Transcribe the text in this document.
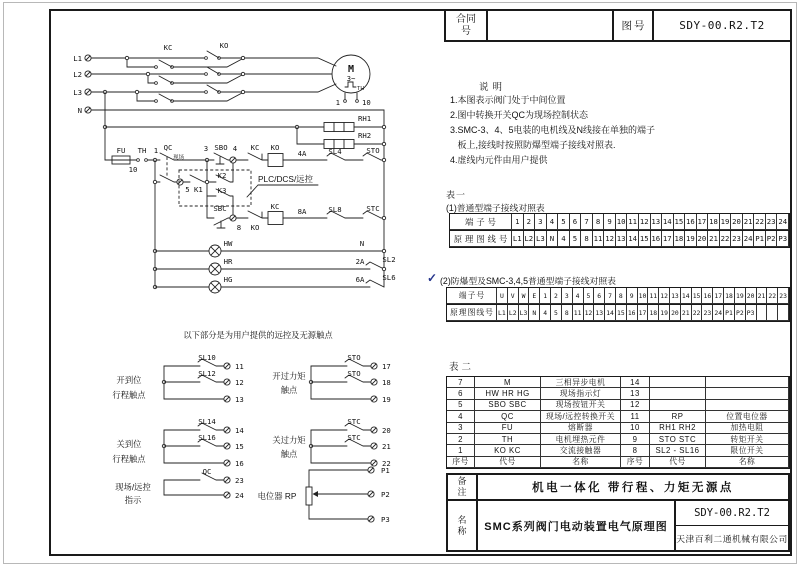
合同号	图号	SDY-00.R2.T2
说明
1.本图表示阀门处于中间位置
2.图中转换开关QC为现场控制状态
3.SMC-3、4、5电装的电机线及N线接在单独的端子
板上,接线时按照防爆型端子接线对照表.
4.虚线内元件由用户提供
表一
(1)普通型端子接线对照表
端子号	1 2 3 4 5 6 7 8 9 10 11 12 13 14 15 16 17 18 19 20 21 22 23 24
原理图线号 L1 L2 L3 N 4 5 8 11 12 13 14 15 16 17 18 19 20 21 22 23 24 P1 P2 P3
✓ (2)防爆型及SMC-3,4,5普通型端子接线对照表
端子号	U	V	W	E	1	2	3	4	5	6	7	8	9 10 11 12 13 14 15 16 17 18 19 20 21 22 23
原理图线号 L1 L2 L3 N	4	5	8 11 12 13 14 15 16 17 18 19 20 21 22 23 24 P1 P2 P3
表二
7	M	三相异步电机	14
6	HW HR HG	现场指示灯	13
5	SBO SBC	现场按钮开关	12
4	QC	现场/远控转换开关	11	RP	位置电位器
3	FU	熔断器	10	RH1 RH2	加热电阻
2	TH	电机埋热元件	9	STO STC	转矩开关
1	KO KC	交流接触器	8	SL2 - SL16	限位开关
序号	代号	名称	序号	代号	名称
备注	机电一体化 带行程、力矩无源点
名称	SMC系列阀门电动装置电气原理图
SDY-00.R2.T2
天津百利二通机械有限公司
L1
L2
L3
N
KC	KO
M
3~
TH
1	10
RH1
RH2
FU TH
10
1 QC
现场
3 SBO 4 KC KO
4A	SL4	STO
5 K1
K2
K3
PLC/DCS/远控
SBC
8 KO
KC
8A	SL8	STC
HW
HR
HG
N
2A SL2
6A SL6
以下部分是为用户提供的远控及无源触点
开到位
行程触点
SL10
SL12
11
12
13
开过力矩
触点
STO
STO
17
18
19
关到位
行程触点
SL14
SL16
14
15
16
关过力矩
触点
STC
STC
20
21
22
QC
23
24
现场/远控
指示	电位器 RP
P1
P2
P3
